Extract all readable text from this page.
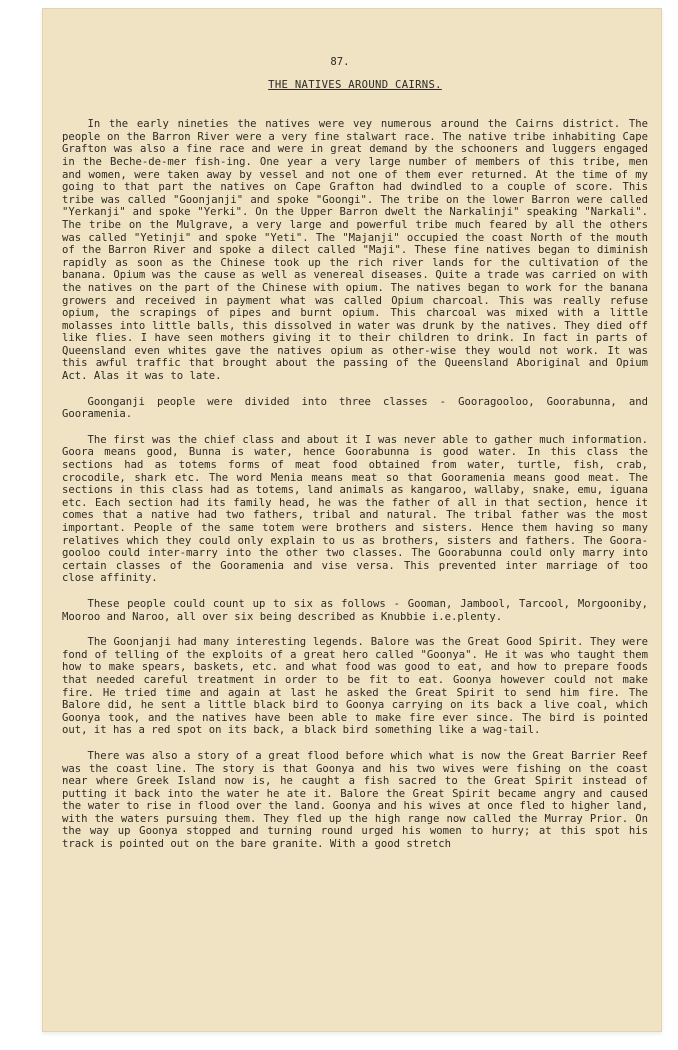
87.
THE NATIVES AROUND CAIRNS.

In the early nineties the natives were vey numerous around the Cairns district. The people on the Barron River were a very fine stalwart race. The native tribe inhabiting Cape Grafton was also a fine race and were in great demand by the schooners and luggers engaged in the Beche-de-mer fish-ing. One year a very large number of members of this tribe, men and women, were taken away by vessel and not one of them ever returned. At the time of my going to that part the natives on Cape Grafton had dwindled to a couple of score. This tribe was called "Goonjanji" and spoke "Goongi". The tribe on the lower Barron were called "Yerkanji" and spoke "Yerki". On the Upper Barron dwelt the Narkalinji" speaking "Narkali". The tribe on the Mulgrave, a very large and powerful tribe much feared by all the others was called "Yetinji" and spoke "Yeti". The "Majanji" occupied the coast North of the mouth of the Barron River and spoke a dilect called "Maji". These fine natives began to diminish rapidly as soon as the Chinese took up the rich river lands for the cultivation of the banana. Opium was the cause as well as venereal diseases. Quite a trade was carried on with the natives on the part of the Chinese with opium. The natives began to work for the banana growers and received in payment what was called Opium charcoal. This was really refuse opium, the scrapings of pipes and burnt opium. This charcoal was mixed with a little molasses into little balls, this dissolved in water was drunk by the natives. They died off like flies. I have seen mothers giving it to their children to drink. In fact in parts of Queensland even whites gave the natives opium as other-wise they would not work. It was this awful traffic that brought about the passing of the Queensland Aboriginal and Opium Act. Alas it was to late.

Goonganji people were divided into three classes - Gooragooloo, Goorabunna, and Gooramenia.

The first was the chief class and about it I was never able to gather much information. Goora means good, Bunna is water, hence Goorabunna is good water. In this class the sections had as totems forms of meat food obtained from water, turtle, fish, crab, crocodile, shark etc. The word Menia means meat so that Gooramenia means good meat. The sections in this class had as totems, land animals as kangaroo, wallaby, snake, emu, iguana etc. Each section had its family head, he was the father of all in that section, hence it comes that a native had two fathers, tribal and natural. The tribal father was the most important. People of the same totem were brothers and sisters. Hence them having so many relatives which they could only explain to us as brothers, sisters and fathers. The Goora-gooloo could inter-marry into the other two classes. The Goorabunna could only marry into certain classes of the Gooramenia and vise versa. This prevented inter marriage of too close affinity.

These people could count up to six as follows - Gooman, Jambool, Tarcool, Morgooniby, Mooroo and Naroo, all over six being described as Knubbie i.e.plenty.

The Goonjanji had many interesting legends. Balore was the Great Good Spirit. They were fond of telling of the exploits of a great hero called "Goonya". He it was who taught them how to make spears, baskets, etc. and what food was good to eat, and how to prepare foods that needed careful treatment in order to be fit to eat. Goonya however could not make fire. He tried time and again at last he asked the Great Spirit to send him fire. The Balore did, he sent a little black bird to Goonya carrying on its back a live coal, which Goonya took, and the natives have been able to make fire ever since. The bird is pointed out, it has a red spot on its back, a black bird something like a wag-tail.

There was also a story of a great flood before which what is now the Great Barrier Reef was the coast line. The story is that Goonya and his two wives were fishing on the coast near where Greek Island now is, he caught a fish sacred to the Great Spirit instead of putting it back into the water he ate it. Balore the Great Spirit became angry and caused the water to rise in flood over the land. Goonya and his wives at once fled to higher land, with the waters pursuing them. They fled up the high range now called the Murray Prior. On the way up Goonya stopped and turning round urged his women to hurry; at this spot his track is pointed out on the bare granite. With a good stretch
